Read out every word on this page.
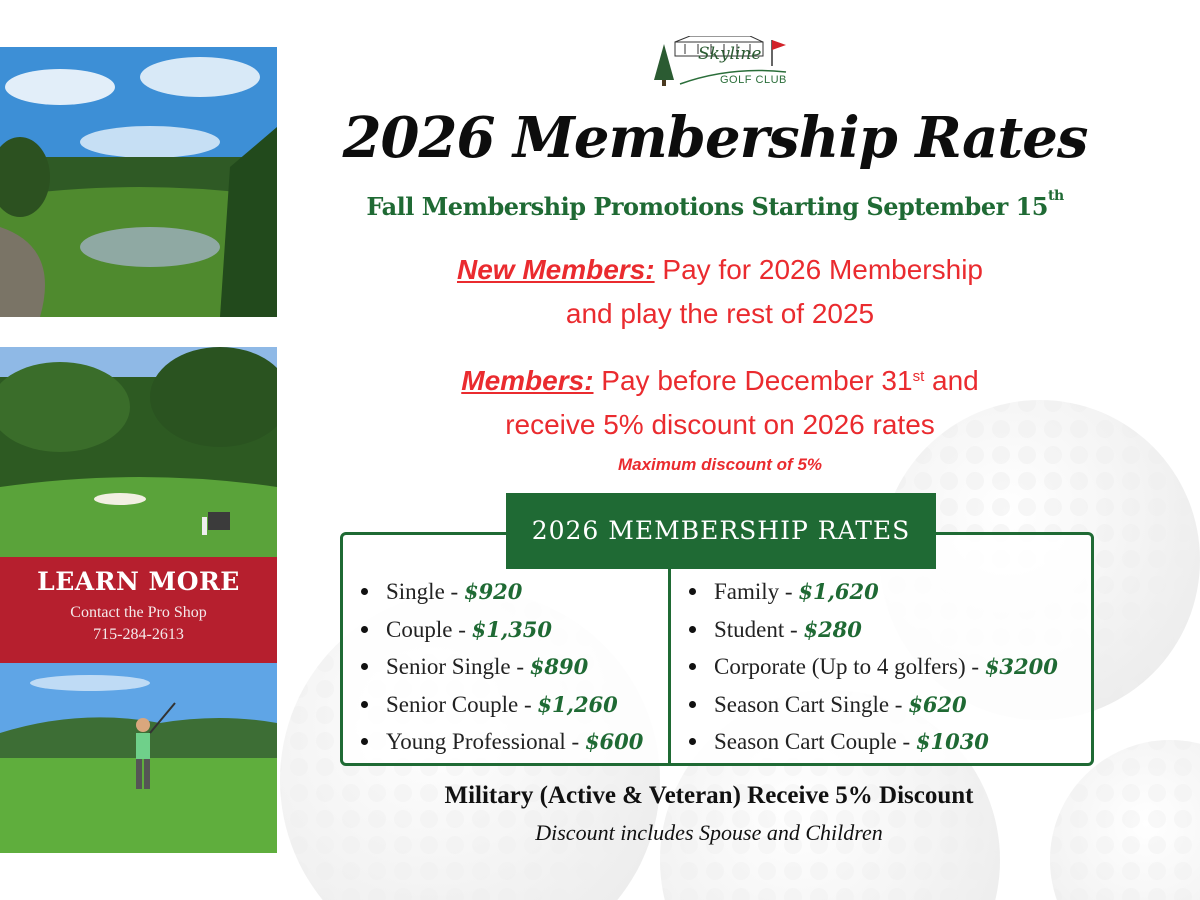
LEARN MORE
Contact the Pro Shop
715-284-2613
Skyline
GOLF CLUB
2026 Membership Rates
Fall Membership Promotions Starting September 15th
New Members: Pay for 2026 Membership
and play the rest of 2025
Members: Pay before December 31st and
receive 5% discount on 2026 rates
Maximum discount of 5%
Single - $920
Couple - $1,350
Senior Single - $890
Senior Couple - $1,260
Young Professional - $600
Family - $1,620
Student - $280
Corporate (Up to 4 golfers) - $3200
Season Cart Single - $620
Season Cart Couple - $1030
2026 MEMBERSHIP RATES
Military (Active & Veteran) Receive 5% Discount
Discount includes Spouse and Children
